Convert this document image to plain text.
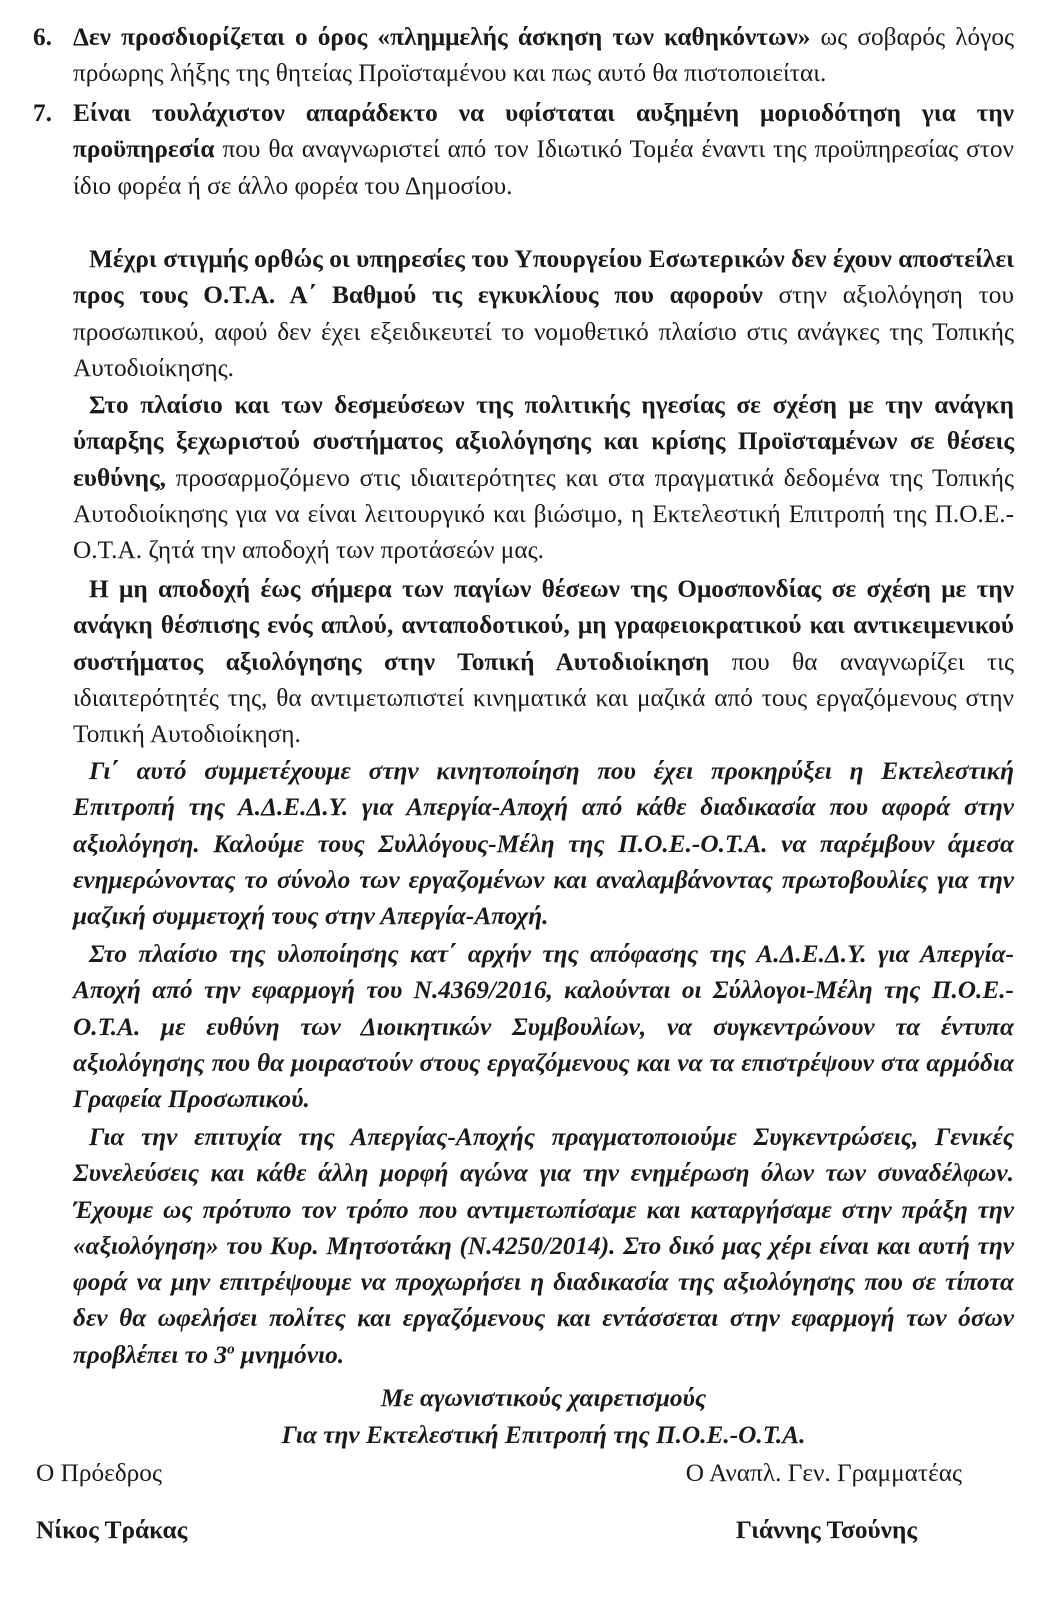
6. Δεν προσδιορίζεται ο όρος «πλημμελής άσκηση των καθηκόντων» ως σοβαρός λόγος πρόωρης λήξης της θητείας Προϊσταμένου και πως αυτό θα πιστοποιείται.

7. Είναι τουλάχιστον απαράδεκτο να υφίσταται αυξημένη μοριοδότηση για την προϋπηρεσία που θα αναγνωριστεί από τον Ιδιωτικό Τομέα έναντι της προϋπηρεσίας στον ίδιο φορέα ή σε άλλο φορέα του Δημοσίου.

Μέχρι στιγμής ορθώς οι υπηρεσίες του Υπουργείου Εσωτερικών δεν έχουν αποστείλει προς τους Ο.Τ.Α. Α΄ Βαθμού τις εγκυκλίους που αφορούν στην αξιολόγηση του προσωπικού, αφού δεν έχει εξειδικευτεί το νομοθετικό πλαίσιο στις ανάγκες της Τοπικής Αυτοδιοίκησης.

Στο πλαίσιο και των δεσμεύσεων της πολιτικής ηγεσίας σε σχέση με την ανάγκη ύπαρξης ξεχωριστού συστήματος αξιολόγησης και κρίσης Προϊσταμένων σε θέσεις ευθύνης, προσαρμοζόμενο στις ιδιαιτερότητες και στα πραγματικά δεδομένα της Τοπικής Αυτοδιοίκησης για να είναι λειτουργικό και βιώσιμο, η Εκτελεστική Επιτροπή της Π.Ο.Ε.-Ο.Τ.Α. ζητά την αποδοχή των προτάσεών μας.

Η μη αποδοχή έως σήμερα των παγίων θέσεων της Ομοσπονδίας σε σχέση με την ανάγκη θέσπισης ενός απλού, ανταποδοτικού, μη γραφειοκρατικού και αντικειμενικού συστήματος αξιολόγησης στην Τοπική Αυτοδιοίκηση που θα αναγνωρίζει τις ιδιαιτερότητές της, θα αντιμετωπιστεί κινηματικά και μαζικά από τους εργαζόμενους στην Τοπική Αυτοδιοίκηση.

Γι΄ αυτό συμμετέχουμε στην κινητοποίηση που έχει προκηρύξει η Εκτελεστική Επιτροπή της Α.Δ.Ε.Δ.Υ. για Απεργία-Αποχή από κάθε διαδικασία που αφορά στην αξιολόγηση. Καλούμε τους Συλλόγους-Μέλη της Π.Ο.Ε.-Ο.Τ.Α. να παρέμβουν άμεσα ενημερώνοντας το σύνολο των εργαζομένων και αναλαμβάνοντας πρωτοβουλίες για την μαζική συμμετοχή τους στην Απεργία-Αποχή.

Στο πλαίσιο της υλοποίησης κατ΄ αρχήν της απόφασης της Α.Δ.Ε.Δ.Υ. για Απεργία-Αποχή από την εφαρμογή του Ν.4369/2016, καλούνται οι Σύλλογοι-Μέλη της Π.Ο.Ε.-Ο.Τ.Α. με ευθύνη των Διοικητικών Συμβουλίων, να συγκεντρώνουν τα έντυπα αξιολόγησης που θα μοιραστούν στους εργαζόμενους και να τα επιστρέψουν στα αρμόδια Γραφεία Προσωπικού.

Για την επιτυχία της Απεργίας-Αποχής πραγματοποιούμε Συγκεντρώσεις, Γενικές Συνελεύσεις και κάθε άλλη μορφή αγώνα για την ενημέρωση όλων των συναδέλφων. Έχουμε ως πρότυπο τον τρόπο που αντιμετωπίσαμε και καταργήσαμε στην πράξη την «αξιολόγηση» του Κυρ. Μητσοτάκη (Ν.4250/2014). Στο δικό μας χέρι είναι και αυτή την φορά να μην επιτρέψουμε να προχωρήσει η διαδικασία της αξιολόγησης που σε τίποτα δεν θα ωφελήσει πολίτες και εργαζόμενους και εντάσσεται στην εφαρμογή των όσων προβλέπει το $3^o$ μνημόνιο.

Με αγωνιστικούς χαιρετισμούς
Για την Εκτελεστική Επιτροπή της Π.Ο.Ε.-Ο.Τ.Α.
Ο Πρόεδρος	Ο Αναπλ. Γεν. Γραμματέας
Νίκος Τράκας	Γιάννης Τσούνης
